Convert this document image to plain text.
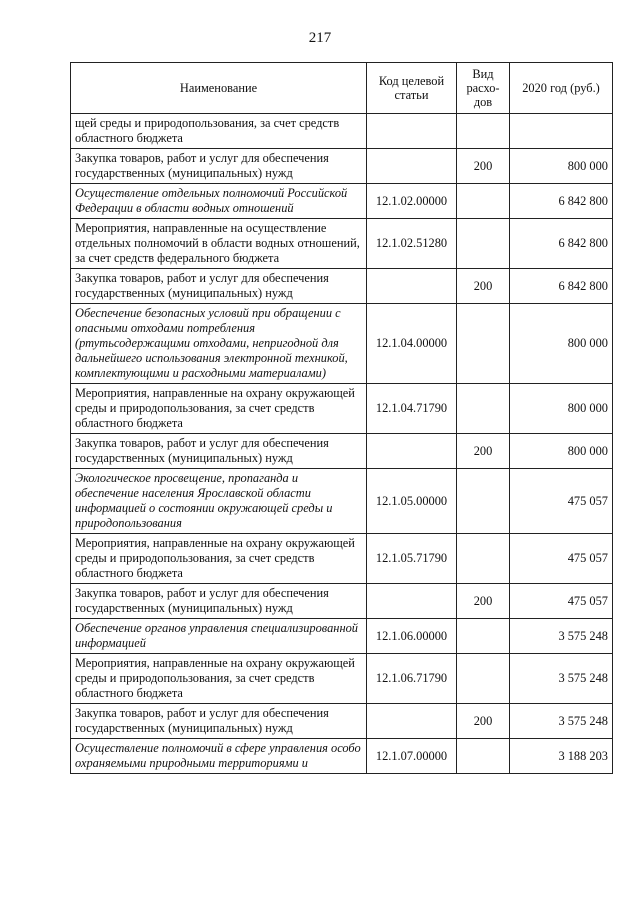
217
Наименование	Код целевой статьи	Вид расхо- дов	2020 год (руб.)
щей среды и природопользования, за счет средств областного бюджета			
Закупка товаров, работ и услуг для обеспечения государственных (муниципальных) нужд		200	800 000
Осуществление отдельных полномочий Российской Федерации в области водных отношений	12.1.02.00000		6 842 800
Мероприятия, направленные на осуществление отдельных полномочий в области водных отношений, за счет средств федерального бюджета	12.1.02.51280		6 842 800
Закупка товаров, работ и услуг для обеспечения государственных (муниципальных) нужд		200	6 842 800
Обеспечение безопасных условий при обращении с опасными отходами потребления (ртутьсодержащими отходами, непригодной для дальнейшего использования электронной техникой, комплектующими и расходными материалами)	12.1.04.00000		800 000
Мероприятия, направленные на охрану окружающей среды и природопользования, за счет средств областного бюджета	12.1.04.71790		800 000
Закупка товаров, работ и услуг для обеспечения государственных (муниципальных) нужд		200	800 000
Экологическое просвещение, пропаганда и обеспечение населения Ярославской области информацией о состоянии окружающей среды и природопользования	12.1.05.00000		475 057
Мероприятия, направленные на охрану окружающей среды и природопользования, за счет средств областного бюджета	12.1.05.71790		475 057
Закупка товаров, работ и услуг для обеспечения государственных (муниципальных) нужд		200	475 057
Обеспечение органов управления специализированной информацией	12.1.06.00000		3 575 248
Мероприятия, направленные на охрану окружающей среды и природопользования, за счет средств областного бюджета	12.1.06.71790		3 575 248
Закупка товаров, работ и услуг для обеспечения государственных (муниципальных) нужд		200	3 575 248
Осуществление полномочий в сфере управления особо охраняемыми природными территориями и	12.1.07.00000		3 188 203
